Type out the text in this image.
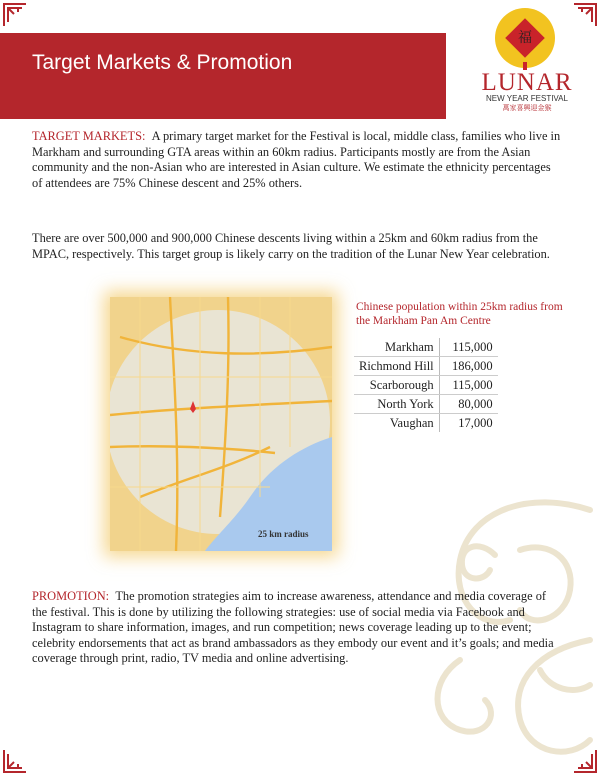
Target Markets & Promotion
福
LUNAR
NEW YEAR FESTIVAL
萬家喜興迎金猴
TARGET MARKETS: A primary target market for the Festival is local, middle class, families who live in Markham and surrounding GTA areas within an 60km radius. Participants mostly are from the Asian community and the non-Asian who are interested in Asian culture. We estimate the ethnicity percentages of attendees are 75% Chinese descent and 25% others.
There are over 500,000 and 900,000 Chinese descents living within a 25km and 60km radius from the MPAC, respectively. This target group is likely carry on the tradition of the Lunar New Year celebration.
25 km radius
Chinese population within 25km radius from the Markham Pan Am Centre
Markham	115,000
Richmond Hill	186,000
Scarborough	115,000
North York	80,000
Vaughan	17,000
PROMOTION: The promotion strategies aim to increase awareness, attendance and media coverage of the festival. This is done by utilizing the following strategies: use of social media via Facebook and Instagram to share information, images, and run competition; news coverage leading up to the event; celebrity endorsements that act as brand ambassadors as they embody our event and it’s goals; and media coverage through print, radio, TV media and online advertising.
